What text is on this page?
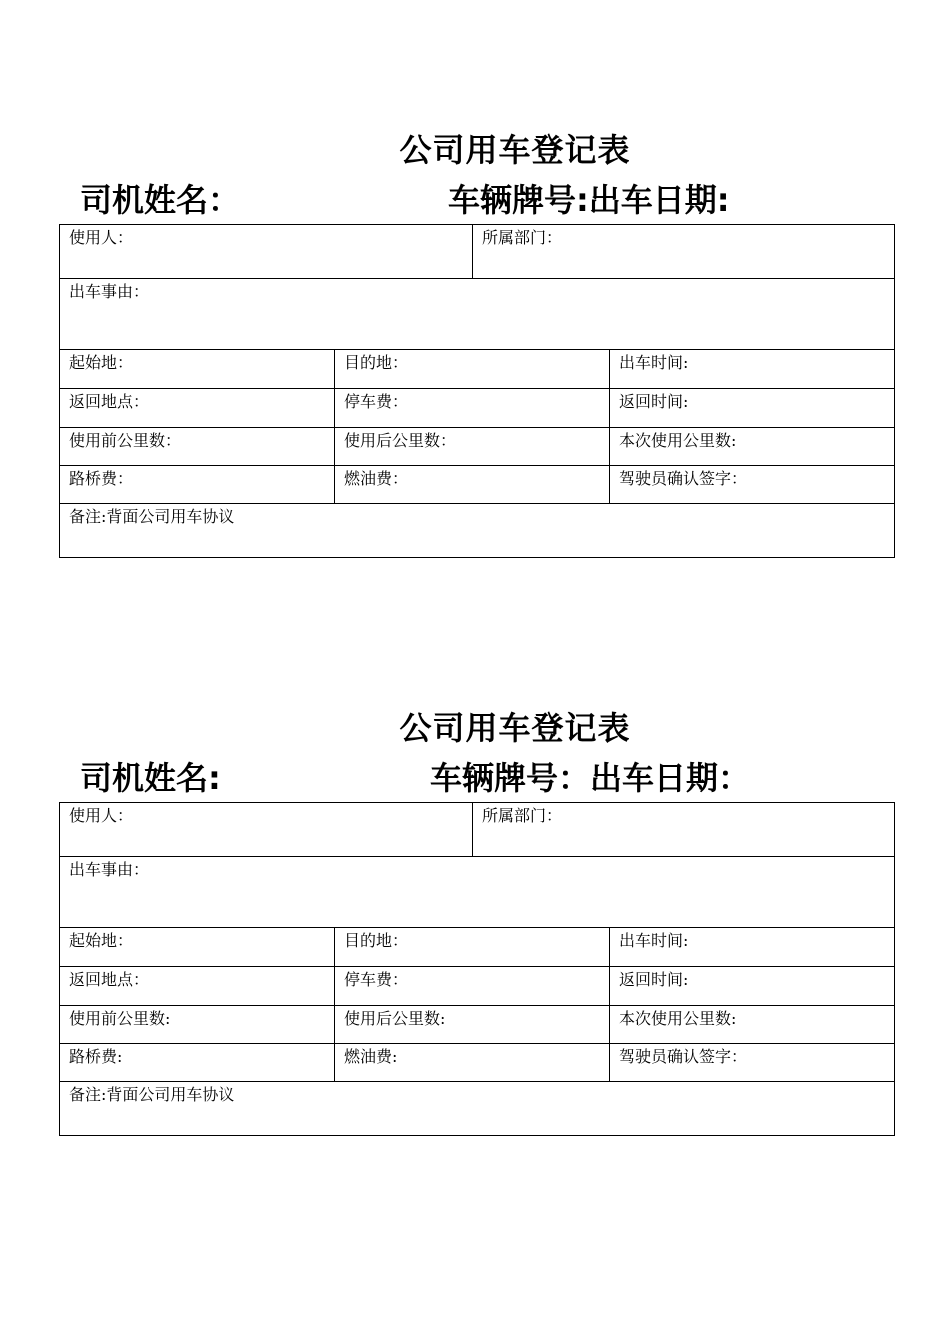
公司用车登记表
司机姓名：	车辆牌号:出车日期:
使用人：		所属部门：	
出车事由：			
起始地：	目的地：		出车时间:
返回地点：	停车费：		返回时间:
使用前公里数：	使用后公里数：		本次使用公里数:
路桥费：	燃油费：		驾驶员确认签字：
备注:背面公司用车协议			
公司用车登记表
司机姓名:	车辆牌号：出车日期：
使用人：		所属部门：	
出车事由：			
起始地：	目的地：		出车时间:
返回地点：	停车费：		返回时间:
使用前公里数:	使用后公里数:		本次使用公里数:
路桥费:	燃油费:		驾驶员确认签字：
备注:背面公司用车协议			
